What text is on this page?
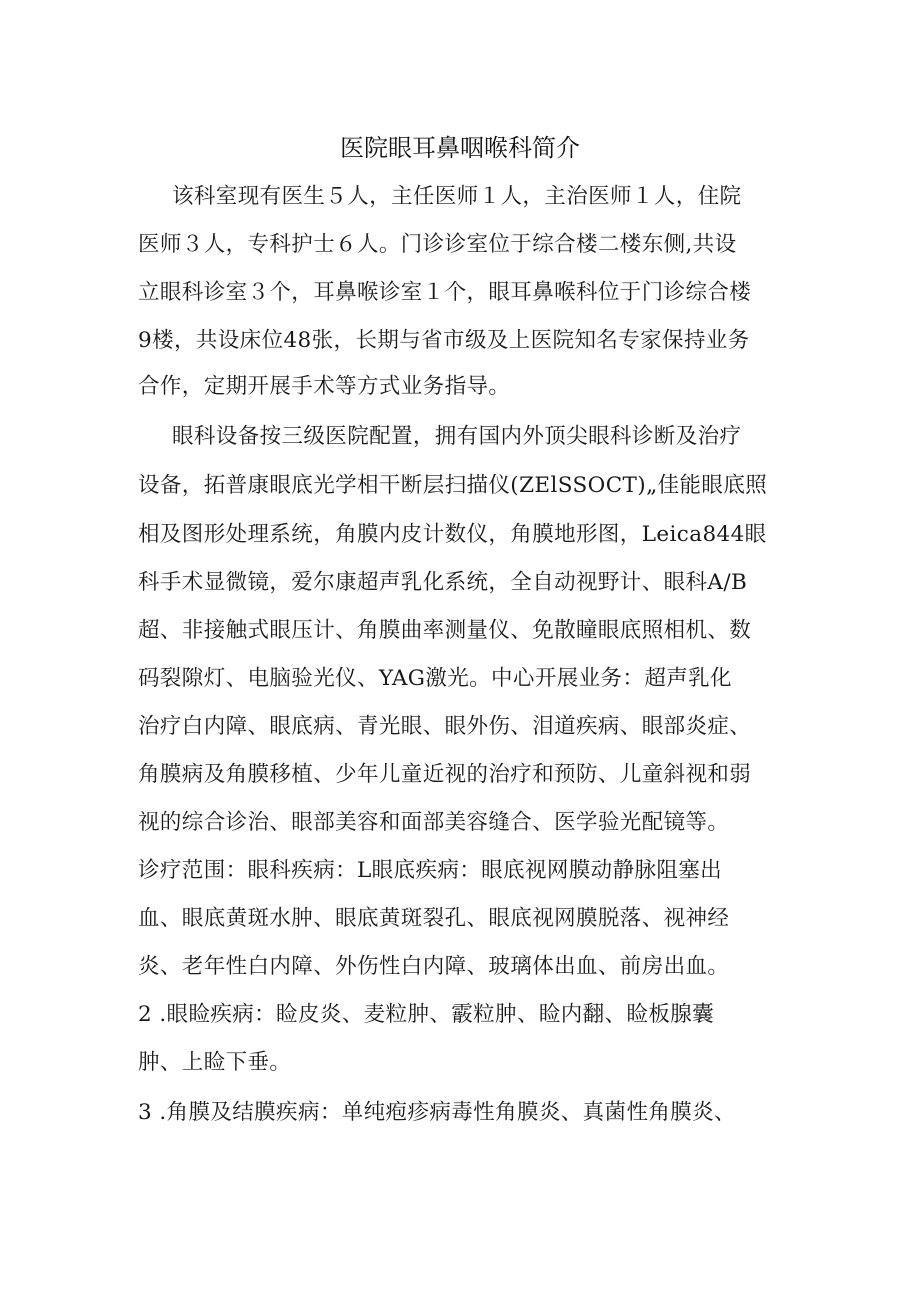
医院眼耳鼻咽喉科简介
该科室现有医生５人，主任医师１人，主治医师１人，住院
医师３人，专科护士６人。门诊诊室位于综合楼二楼东侧,共设
立眼科诊室３个，耳鼻喉诊室１个，眼耳鼻喉科位于门诊综合楼
9楼，共设床位48张，长期与省市级及上医院知名专家保持业务
合作，定期开展手术等方式业务指导。
眼科设备按三级医院配置，拥有国内外顶尖眼科诊断及治疗
设备，拓普康眼底光学相干断层扫描仪(ZElSSOCT)„佳能眼底照
相及图形处理系统，角膜内皮计数仪，角膜地形图，Leica844眼
科手术显微镜，爱尔康超声乳化系统，全自动视野计、眼科A/B
超、非接触式眼压计、角膜曲率测量仪、免散瞳眼底照相机、数
码裂隙灯、电脑验光仪、YAG激光。中心开展业务：超声乳化
治疗白内障、眼底病、青光眼、眼外伤、泪道疾病、眼部炎症、
角膜病及角膜移植、少年儿童近视的治疗和预防、儿童斜视和弱
视的综合诊治、眼部美容和面部美容缝合、医学验光配镜等。
诊疗范围：眼科疾病：L眼底疾病：眼底视网膜动静脉阻塞出
血、眼底黄斑水肿、眼底黄斑裂孔、眼底视网膜脱落、视神经
炎、老年性白内障、外伤性白内障、玻璃体出血、前房出血。
2 .眼睑疾病：睑皮炎、麦粒肿、霰粒肿、睑内翻、睑板腺囊
肿、上睑下垂。
3 .角膜及结膜疾病：单纯疱疹病毒性角膜炎、真菌性角膜炎、
